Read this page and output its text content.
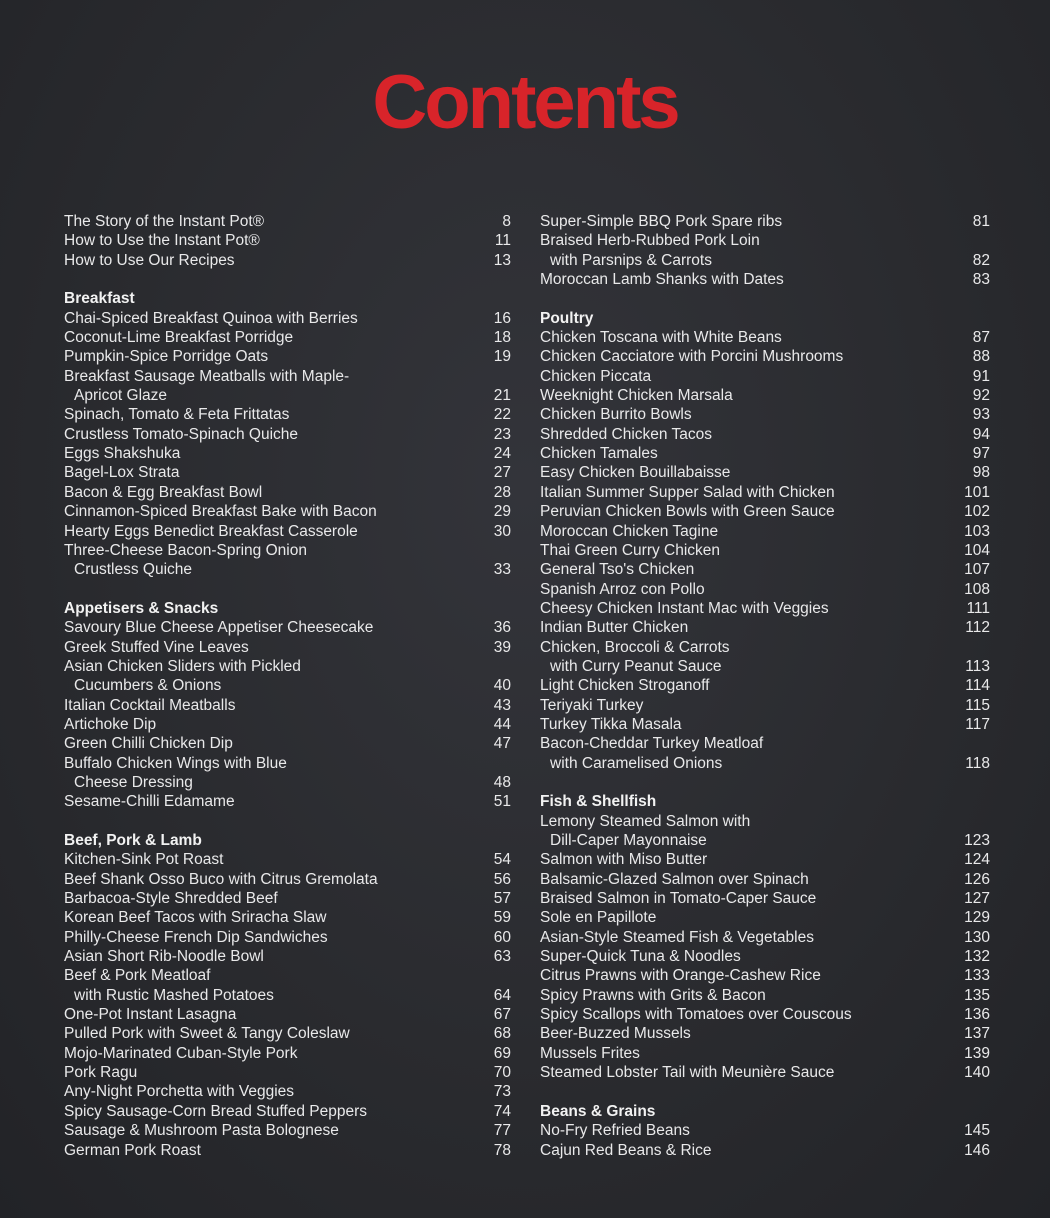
Contents
The Story of the Instant Pot®	8
How to Use the Instant Pot®	11
How to Use Our Recipes	13
Breakfast
Chai-Spiced Breakfast Quinoa with Berries	16
Coconut-Lime Breakfast Porridge	18
Pumpkin-Spice Porridge Oats	19
Breakfast Sausage Meatballs with Maple-
Apricot Glaze	21
Spinach, Tomato & Feta Frittatas	22
Crustless Tomato-Spinach Quiche	23
Eggs Shakshuka	24
Bagel-Lox Strata	27
Bacon & Egg Breakfast Bowl	28
Cinnamon-Spiced Breakfast Bake with Bacon	29
Hearty Eggs Benedict Breakfast Casserole	30
Three-Cheese Bacon-Spring Onion
Crustless Quiche	33
Appetisers & Snacks
Savoury Blue Cheese Appetiser Cheesecake	36
Greek Stuffed Vine Leaves	39
Asian Chicken Sliders with Pickled
Cucumbers & Onions	40
Italian Cocktail Meatballs	43
Artichoke Dip	44
Green Chilli Chicken Dip	47
Buffalo Chicken Wings with Blue
Cheese Dressing	48
Sesame-Chilli Edamame	51
Beef, Pork & Lamb
Kitchen-Sink Pot Roast	54
Beef Shank Osso Buco with Citrus Gremolata	56
Barbacoa-Style Shredded Beef	57
Korean Beef Tacos with Sriracha Slaw	59
Philly-Cheese French Dip Sandwiches	60
Asian Short Rib-Noodle Bowl	63
Beef & Pork Meatloaf
with Rustic Mashed Potatoes	64
One-Pot Instant Lasagna	67
Pulled Pork with Sweet & Tangy Coleslaw	68
Mojo-Marinated Cuban-Style Pork	69
Pork Ragu	70
Any-Night Porchetta with Veggies	73
Spicy Sausage-Corn Bread Stuffed Peppers	74
Sausage & Mushroom Pasta Bolognese	77
German Pork Roast	78
Super-Simple BBQ Pork Spare ribs	81
Braised Herb-Rubbed Pork Loin
with Parsnips & Carrots	82
Moroccan Lamb Shanks with Dates	83
Poultry
Chicken Toscana with White Beans	87
Chicken Cacciatore with Porcini Mushrooms	88
Chicken Piccata	91
Weeknight Chicken Marsala	92
Chicken Burrito Bowls	93
Shredded Chicken Tacos	94
Chicken Tamales	97
Easy Chicken Bouillabaisse	98
Italian Summer Supper Salad with Chicken	101
Peruvian Chicken Bowls with Green Sauce	102
Moroccan Chicken Tagine	103
Thai Green Curry Chicken	104
General Tso's Chicken	107
Spanish Arroz con Pollo	108
Cheesy Chicken Instant Mac with Veggies	111
Indian Butter Chicken	112
Chicken, Broccoli & Carrots
with Curry Peanut Sauce	113
Light Chicken Stroganoff	114
Teriyaki Turkey	115
Turkey Tikka Masala	117
Bacon-Cheddar Turkey Meatloaf
with Caramelised Onions	118
Fish & Shellfish
Lemony Steamed Salmon with
Dill-Caper Mayonnaise	123
Salmon with Miso Butter	124
Balsamic-Glazed Salmon over Spinach	126
Braised Salmon in Tomato-Caper Sauce	127
Sole en Papillote	129
Asian-Style Steamed Fish & Vegetables	130
Super-Quick Tuna & Noodles	132
Citrus Prawns with Orange-Cashew Rice	133
Spicy Prawns with Grits & Bacon	135
Spicy Scallops with Tomatoes over Couscous	136
Beer-Buzzed Mussels	137
Mussels Frites	139
Steamed Lobster Tail with Meunière Sauce	140
Beans & Grains
No-Fry Refried Beans	145
Cajun Red Beans & Rice	146
